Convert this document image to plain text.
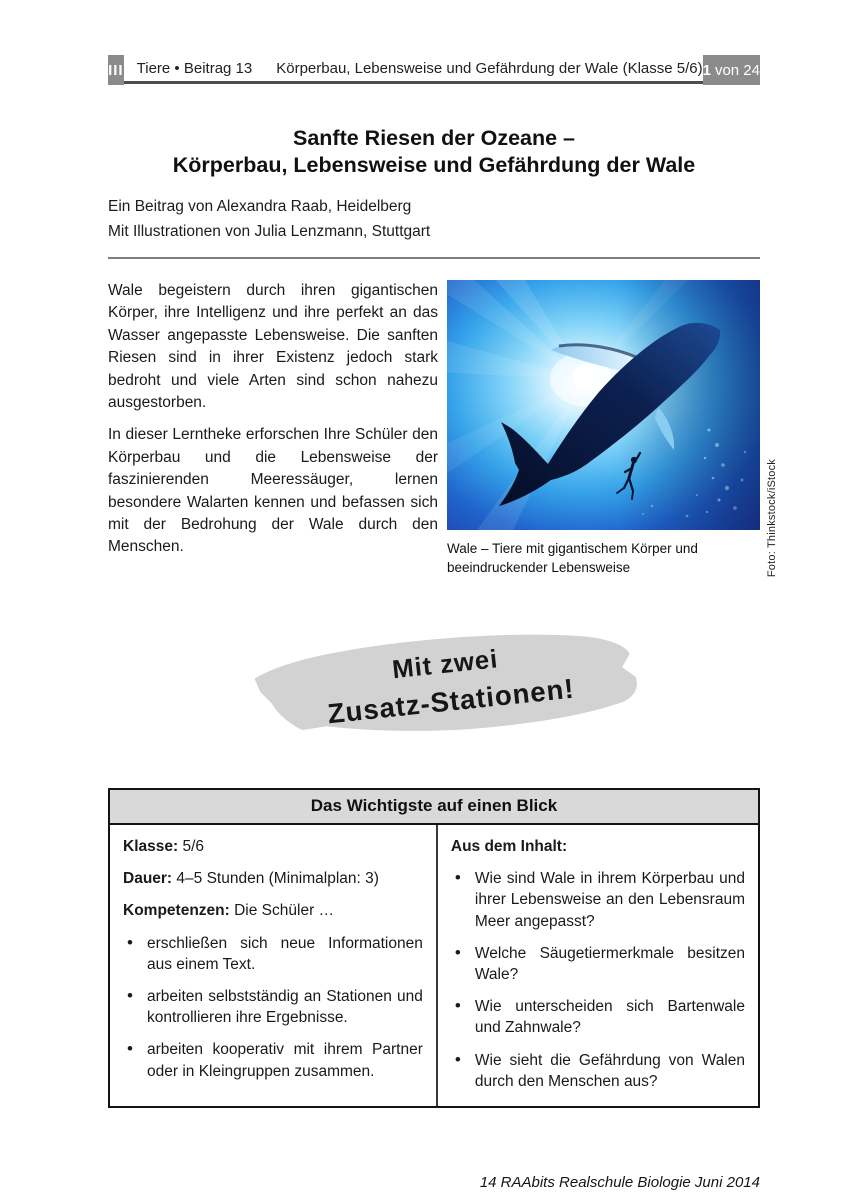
III Tiere • Beitrag 13 Körperbau, Lebensweise und Gefährdung der Wale (Klasse 5/6) 1 von 24
Sanfte Riesen der Ozeane –
Körperbau, Lebensweise und Gefährdung der Wale
Ein Beitrag von Alexandra Raab, Heidelberg
Mit Illustrationen von Julia Lenzmann, Stuttgart

Wale begeistern durch ihren gigantischen Körper, ihre Intelligenz und ihre perfekt an das Wasser angepasste Lebensweise. Die sanften Riesen sind in ihrer Existenz jedoch stark bedroht und viele Arten sind schon nahezu ausgestorben.

In dieser Lerntheke erforschen Ihre Schüler den Körperbau und die Lebensweise der faszinierenden Meeressäuger, lernen besondere Walarten kennen und befassen sich mit der Bedrohung der Wale durch den Menschen.	Foto: Thinkstock/iStock
Wale – Tiere mit gigantischem Körper und beeindruckender Lebensweise
Mit zwei
Zusatz-Stationen!
Das Wichtigste auf einen Blick

Klasse: 5/6

Dauer: 4–5 Stunden (Minimalplan: 3)

Kompetenzen: Die Schüler …

• erschließen sich neue Informationen aus einem Text.
• arbeiten selbstständig an Stationen und kontrollieren ihre Ergebnisse.
• arbeiten kooperativ mit ihrem Partner oder in Kleingruppen zusammen.

Aus dem Inhalt:

• Wie sind Wale in ihrem Körperbau und ihrer Lebensweise an den Lebensraum Meer angepasst?
• Welche Säugetiermerkmale besitzen Wale?
• Wie unterscheiden sich Bartenwale und Zahnwale?
• Wie sieht die Gefährdung von Walen durch den Menschen aus?
14 RAAbits Realschule Biologie Juni 2014
